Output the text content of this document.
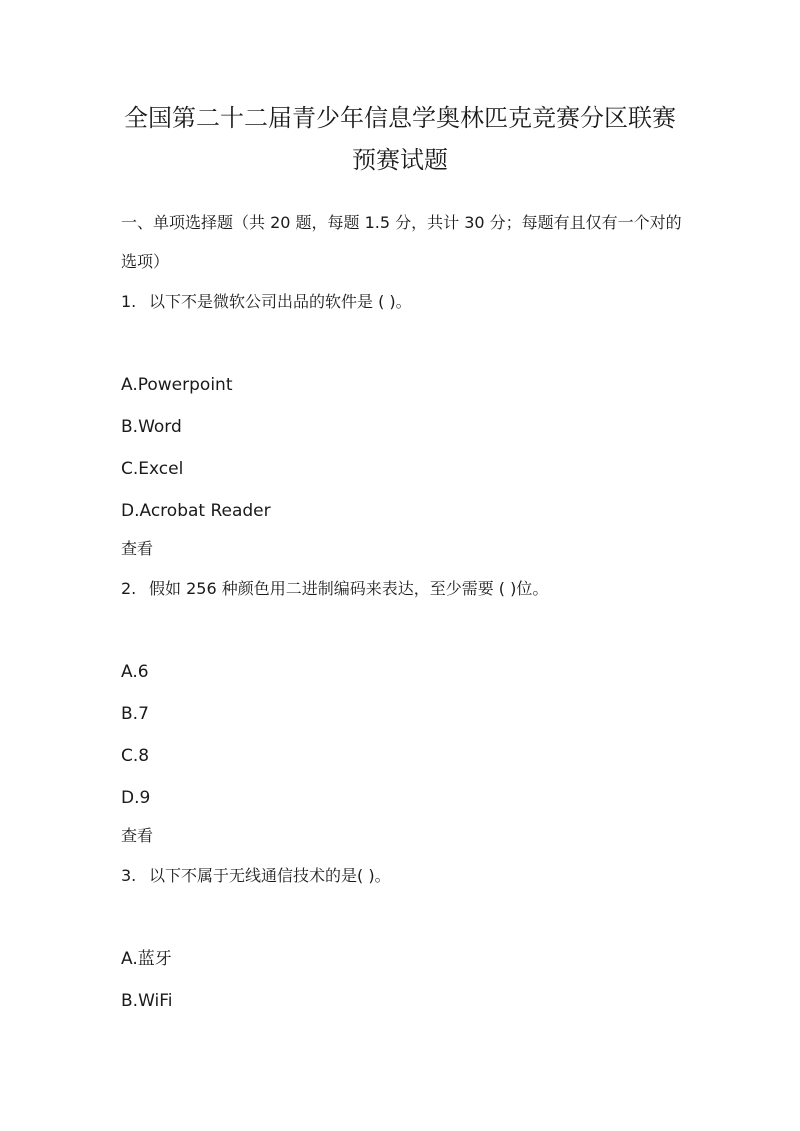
全国第二十二届青少年信息学奥林匹克竞赛分区联赛
预赛试题
一、单项选择题（共 20 题，每题 1.5 分，共计 30 分；每题有且仅有一个对的
选项）
1. 以下不是微软公司出品的软件是 ( )。
A.Powerpoint
B.Word
C.Excel
D.Acrobat Reader
查看
2. 假如 256 种颜色用二进制编码来表达，至少需要 ( )位。
A.6
B.7
C.8
D.9
查看
3. 以下不属于无线通信技术的是( )。
A.蓝牙
B.WiFi
